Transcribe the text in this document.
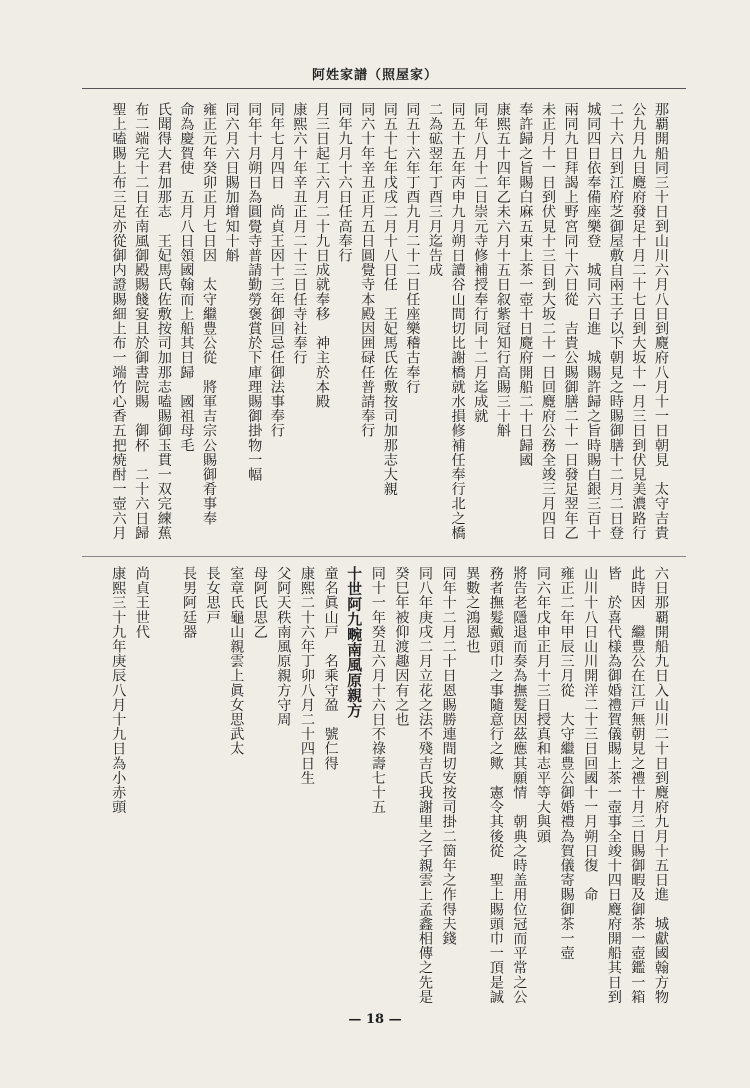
阿姓家譜（照屋家）
那覇開船同三十日到山川六月八日到麑府八月十一日朝見　太守吉貴
公九月九日麑府發足十月二十七日到大坂十一月三日到伏見美濃路行
二十六日到江府芝御屋敷自兩王子以下朝見之時賜御膳十二月二日登
城同四日依奉備座樂登　城同六日進　城賜許歸之旨時賜白銀三百十
兩同九日拜謁上野宮同十六日從　吉貴公賜御膳二十一日發足翌年乙
未正月十一日到伏見十三日到大坂二十一日回麑府公務全竣三月四日
奉許歸之旨賜白麻五束上茶一壺十日麑府開船二十日歸國
康熙五十四年乙未六月十五日叙紫冠知行高賜三十斛
同年八月十二日崇元寺修補授奉行同十二月迄成就
同五十五年丙申九月朔日讀谷山間切比謝橋就水損修補任奉行北之橋
二為砿翌年丁酉三月迄告成
同五十六年丁酉九月二十二日任座樂稽古奉行
同五十七年戊戌二月十八日任　王妃馬氏佐敷按司加那志大親
同六十年辛丑正月五日圓覺寺本殿因囲碌任普請奉行
同年九月十六日任高奉行
月三日起工六月二十九日成就奉移　神主於本殿
康熙六十年辛丑正月二十三日任寺社奉行
同年七月四日　尚貞王因十三年御回忌任御法事奉行
同年十月朔日為圓覺寺普請勤勞褒賞於下庫理賜御掛物一幅
同六月六日賜加增知十斛
雍正元年癸卯正月七日因　太守繼豊公從　將軍吉宗公賜御肴事奉
命為慶賀使　五月八日領國翰而上船其日歸　國祖母毛
氏聞得大君加那志　王妃馬氏佐敷按司加那志嗑賜御玉貫一双完練蕉
布二端完十二日在南風御殿賜餞宴且於御書院賜　御杯　二十六日歸
聖上嗑賜上布三足亦從御内證賜細上布一端竹心香五把焼酎一壺六月
六日那覇開船九日入山川二十日到麑府九月十五日進　城獻國翰方物
此時因　繼豊公在江戸無朝見之禮十月三日賜御暇及御茶一壺鑑一箱
皆　於喜代様為御婚禮賀儀賜上茶一壺事全竣十四日麑府開船其日到
山川十八日山川開洋二十三日回國十一月朔日復　命
雍正二年甲辰三月從　大守繼豊公御婚禮為賀儀寄賜御茶一壺
同六年戊申正月十三日授真和志平等大與頭
將告老隱退而奏為撫髮因茲應其願情　朝典之時盖用位冠而平常之公
務者撫髮戴頭巾之事隨意行之歟　憲令其後從　聖上賜頭巾一頂是誠
異數之鴻恩也
同年十二月二十日恩賜勝連間切安按司掛二箇年之作得夫錢
同八年庚戌二月立花之法不殘吉氏我謝里之子親雲上孟鑫相傳之先是
癸巳年被仰渡趣因有之也
同十一年癸丑六月十六日不祿壽七十五
十世阿九畹南風原親方
童名眞山戸　名乘守盈　號仁得
康熙二十六年丁卯八月二十四日生
父阿天秩南風原親方守周
母阿氏思乙
室章氏龜山親雲上眞女思武太
長女思戸
長男阿廷器
尚貞王世代
康熙三十九年庚辰八月十九日為小赤頭
— 18 —
